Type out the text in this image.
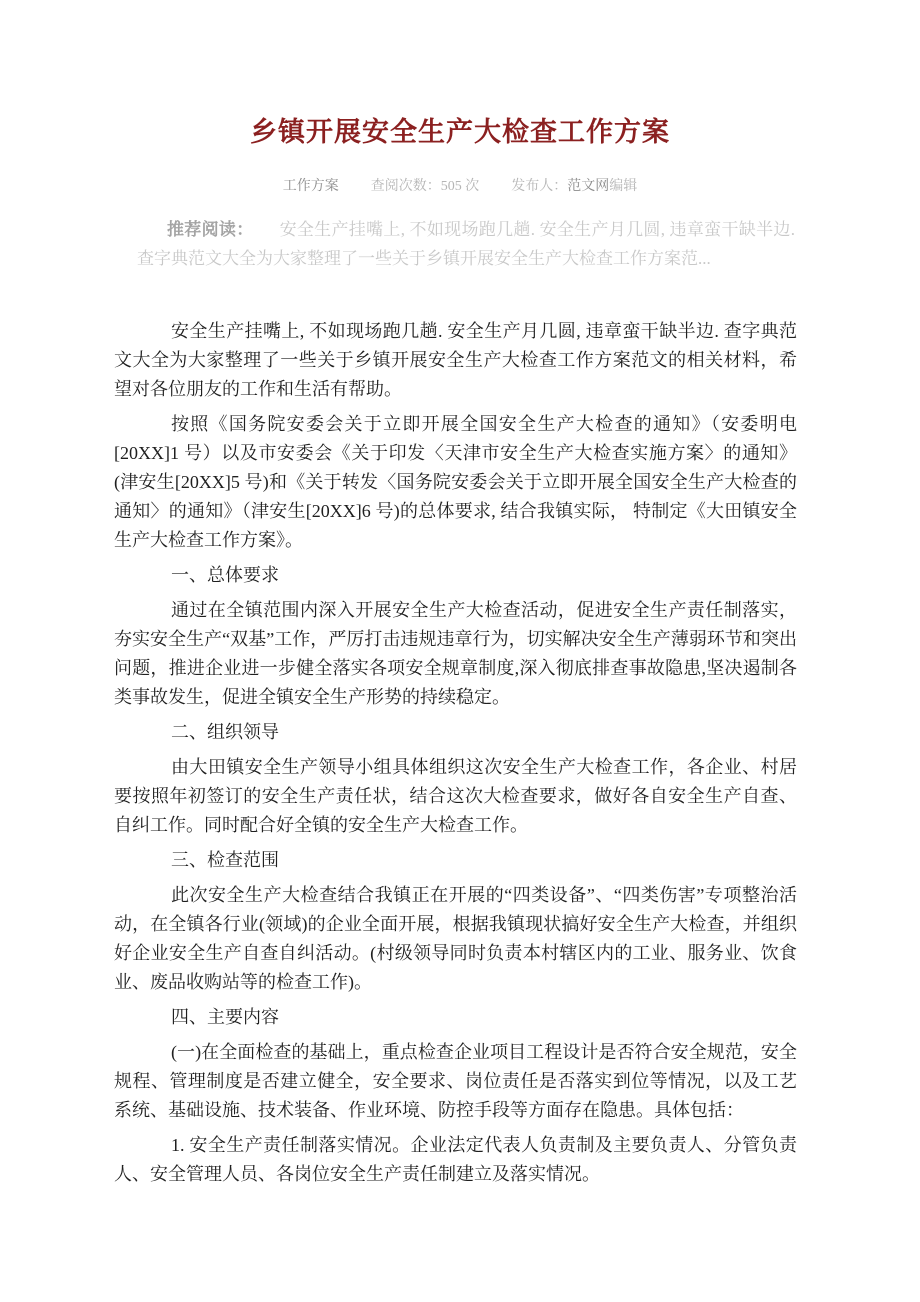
乡镇开展安全生产大检查工作方案
工作方案 查阅次数：505 次 发布人：范文网编辑
推荐阅读： 安全生产挂嘴上, 不如现场跑几趟. 安全生产月几圆, 违章蛮干缺半边. 查字典范文大全为大家整理了一些关于乡镇开展安全生产大检查工作方案范...
安全生产挂嘴上, 不如现场跑几趟. 安全生产月几圆, 违章蛮干缺半边. 查字典范文大全为大家整理了一些关于乡镇开展安全生产大检查工作方案范文的相关材料，希望对各位朋友的工作和生活有帮助。
按照《国务院安委会关于立即开展全国安全生产大检查的通知》（安委明电[20XX]1 号）以及市安委会《关于印发〈天津市安全生产大检查实施方案〉的通知》(津安生[20XX]5 号)和《关于转发〈国务院安委会关于立即开展全国安全生产大检查的通知〉的通知》（津安生[20XX]6 号)的总体要求, 结合我镇实际， 特制定《大田镇安全生产大检查工作方案》。
一、总体要求
通过在全镇范围内深入开展安全生产大检查活动，促进安全生产责任制落实，夯实安全生产“双基”工作，严厉打击违规违章行为，切实解决安全生产薄弱环节和突出问题，推进企业进一步健全落实各项安全规章制度,深入彻底排查事故隐患,坚决遏制各类事故发生，促进全镇安全生产形势的持续稳定。
二、组织领导
由大田镇安全生产领导小组具体组织这次安全生产大检查工作，各企业、村居要按照年初签订的安全生产责任状，结合这次大检查要求，做好各自安全生产自查、自纠工作。同时配合好全镇的安全生产大检查工作。
三、检查范围
此次安全生产大检查结合我镇正在开展的“四类设备”、“四类伤害”专项整治活动，在全镇各行业(领域)的企业全面开展，根据我镇现状搞好安全生产大检查，并组织好企业安全生产自查自纠活动。(村级领导同时负责本村辖区内的工业、服务业、饮食业、废品收购站等的检查工作)。
四、主要内容
(一)在全面检查的基础上，重点检查企业项目工程设计是否符合安全规范，安全规程、管理制度是否建立健全，安全要求、岗位责任是否落实到位等情况，以及工艺系统、基础设施、技术装备、作业环境、防控手段等方面存在隐患。具体包括：
1. 安全生产责任制落实情况。企业法定代表人负责制及主要负责人、分管负责人、安全管理人员、各岗位安全生产责任制建立及落实情况。
